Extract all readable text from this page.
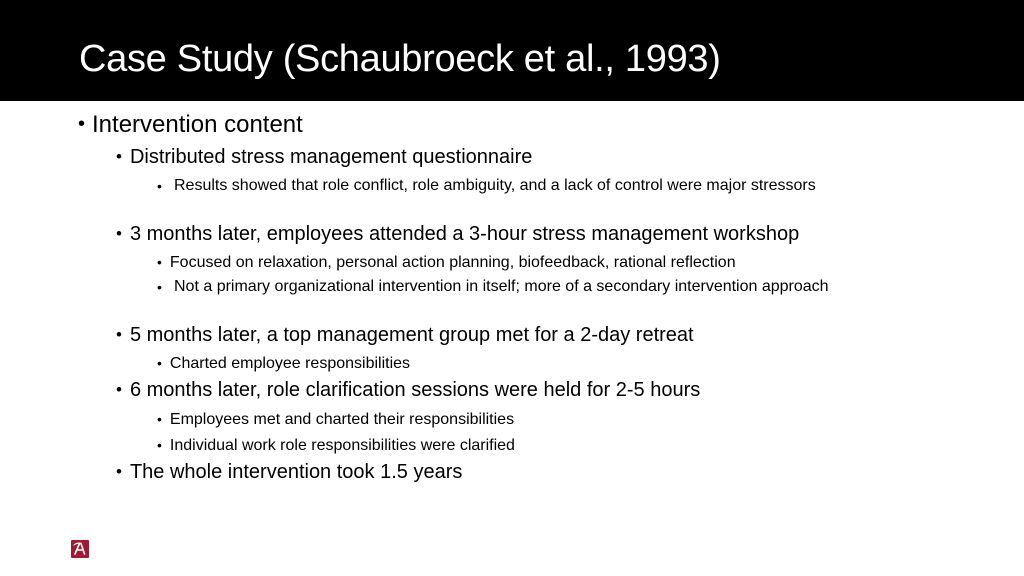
Case Study (Schaubroeck et al., 1993)
• Intervention content
• Distributed stress management questionnaire
• Results showed that role conflict, role ambiguity, and a lack of control were major stressors
• 3 months later, employees attended a 3-hour stress management workshop
• Focused on relaxation, personal action planning, biofeedback, rational reflection
• Not a primary organizational intervention in itself; more of a secondary intervention approach
• 5 months later, a top management group met for a 2-day retreat
• Charted employee responsibilities
• 6 months later, role clarification sessions were held for 2-5 hours
• Employees met and charted their responsibilities
• Individual work role responsibilities were clarified
• The whole intervention took 1.5 years
